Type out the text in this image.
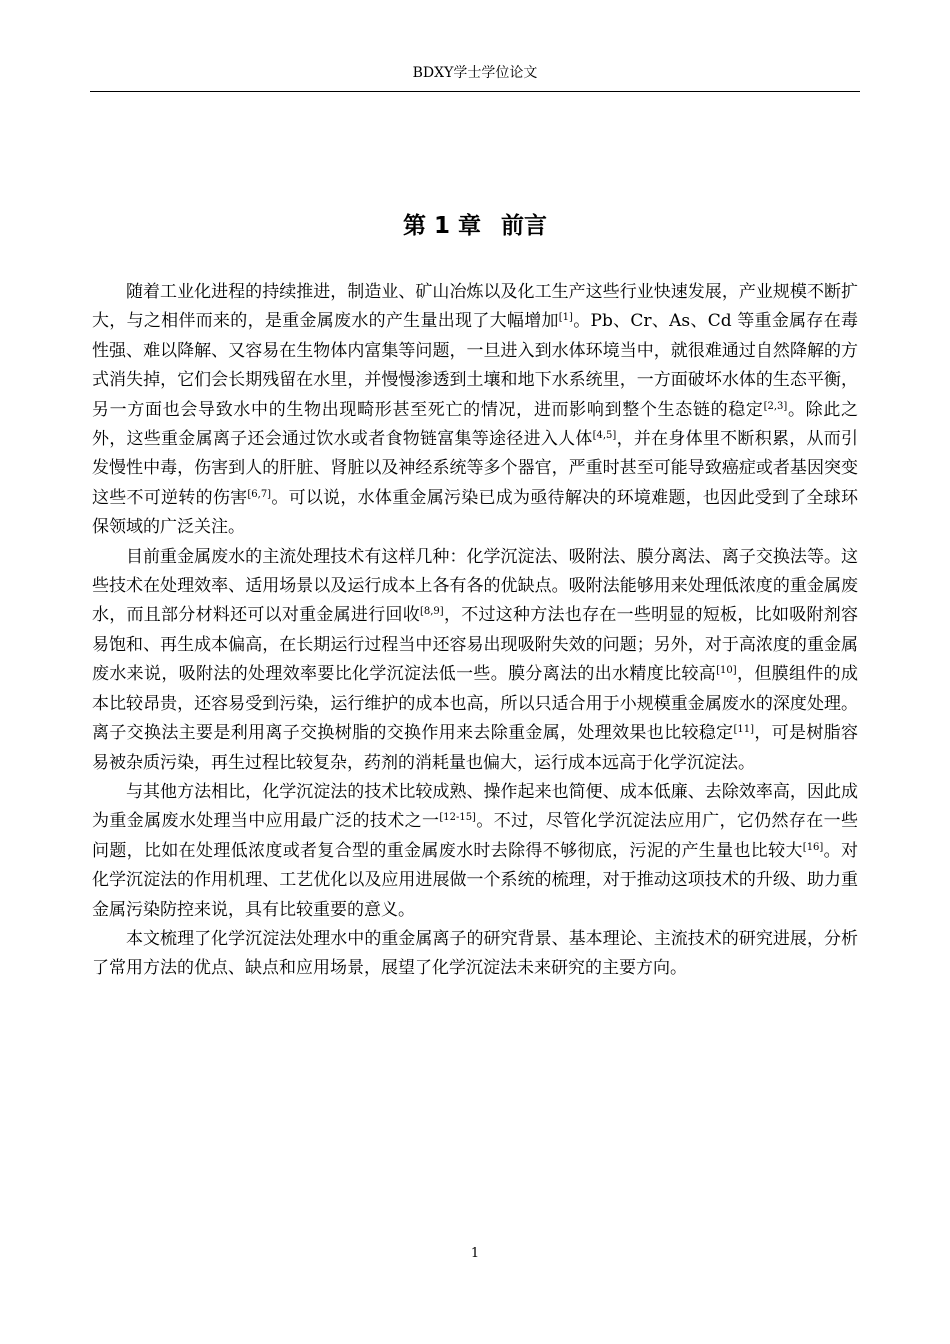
BDXY学士学位论文
第 1 章 前言

随着工业化进程的持续推进，制造业、矿山冶炼以及化工生产这些行业快速发展，产业规模不断扩大，与之相伴而来的，是重金属废水的产生量出现了大幅增加[1]。Pb、Cr、As、Cd 等重金属存在毒性强、难以降解、又容易在生物体内富集等问题，一旦进入到水体环境当中，就很难通过自然降解的方式消失掉，它们会长期残留在水里，并慢慢渗透到土壤和地下水系统里，一方面破坏水体的生态平衡，另一方面也会导致水中的生物出现畸形甚至死亡的情况，进而影响到整个生态链的稳定[2,3]。除此之外，这些重金属离子还会通过饮水或者食物链富集等途径进入人体[4,5]，并在身体里不断积累，从而引发慢性中毒，伤害到人的肝脏、肾脏以及神经系统等多个器官，严重时甚至可能导致癌症或者基因突变这些不可逆转的伤害[6,7]。可以说，水体重金属污染已成为亟待解决的环境难题，也因此受到了全球环保领域的广泛关注。

目前重金属废水的主流处理技术有这样几种：化学沉淀法、吸附法、膜分离法、离子交换法等。这些技术在处理效率、适用场景以及运行成本上各有各的优缺点。吸附法能够用来处理低浓度的重金属废水，而且部分材料还可以对重金属进行回收[8,9]，不过这种方法也存在一些明显的短板，比如吸附剂容易饱和、再生成本偏高，在长期运行过程当中还容易出现吸附失效的问题；另外，对于高浓度的重金属废水来说，吸附法的处理效率要比化学沉淀法低一些。膜分离法的出水精度比较高[10]，但膜组件的成本比较昂贵，还容易受到污染，运行维护的成本也高，所以只适合用于小规模重金属废水的深度处理。离子交换法主要是利用离子交换树脂的交换作用来去除重金属，处理效果也比较稳定[11]，可是树脂容易被杂质污染，再生过程比较复杂，药剂的消耗量也偏大，运行成本远高于化学沉淀法。

与其他方法相比，化学沉淀法的技术比较成熟、操作起来也简便、成本低廉、去除效率高，因此成为重金属废水处理当中应用最广泛的技术之一[12-15]。不过，尽管化学沉淀法应用广，它仍然存在一些问题，比如在处理低浓度或者复合型的重金属废水时去除得不够彻底，污泥的产生量也比较大[16]。对化学沉淀法的作用机理、工艺优化以及应用进展做一个系统的梳理，对于推动这项技术的升级、助力重金属污染防控来说，具有比较重要的意义。

本文梳理了化学沉淀法处理水中的重金属离子的研究背景、基本理论、主流技术的研究进展，分析了常用方法的优点、缺点和应用场景，展望了化学沉淀法未来研究的主要方向。

1
